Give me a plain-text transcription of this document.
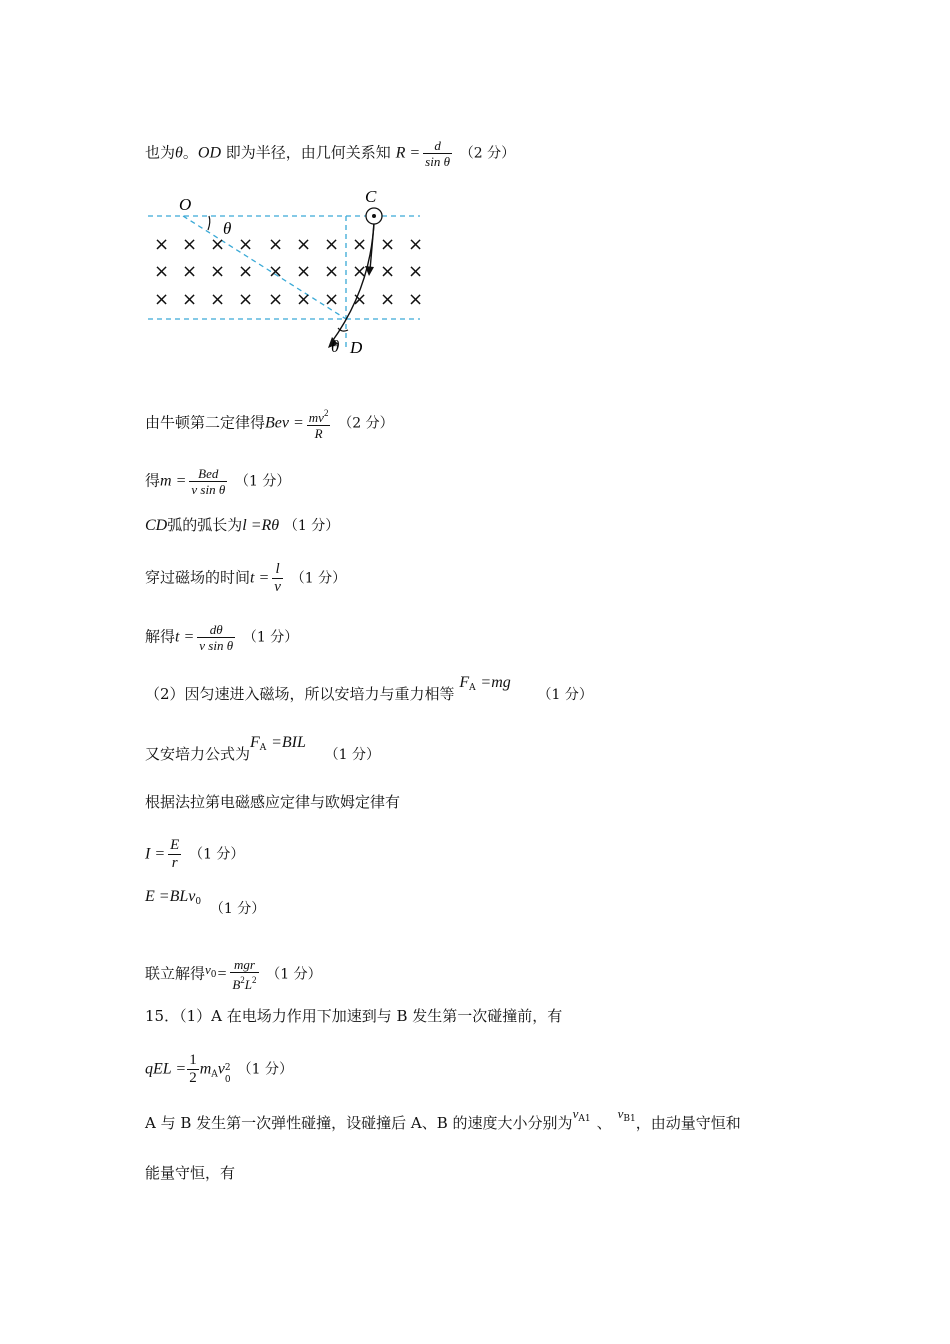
也为θ。OD 即为半径，由几何关系知 $R = \frac{d}{\text{sin θ}} (2$ 分）
× × × × × × × × × ×
× × × × × × × × × ×
× × × × × × × × × ×
O	C
D
θ
θ
由牛顿第二定律得Bev = $\frac{mv^2}{R} (2$ 分）
得m = Bed
v sin θ （1 分）
CD弧的弧长为l =Rθ （1 分）
穿过磁场的时间$t = \frac{l}{v} (1$ 分）
解得$t = \frac{d\theta}{\text{v sin θ}} (1$ 分）
（2）因匀速进入磁场，所以安培力与重力相等 $F_A =mg$ （1 分）
又安培力公式为$F_A =BIL$ （1 分）
根据法拉第电磁感应定律与欧姆定律有
$I = \frac{E}{r} (1$ 分）
E =BLv$_0$ （1 分）
联立解得$v_0=$
mgr
$B^2L^2$ （1 分）
15．（1）A 在电场力作用下加速到与 B 发生第一次碰撞前，有
qEL = $\frac{1}{2} m_Av$ 2
0
（1 分）
A 与 B 发生第一次弹性碰撞，设碰撞后 A、B 的速度大小分别为$v_{A1}$ 、$v_{B1}$，由动量守恒和
能量守恒，有
